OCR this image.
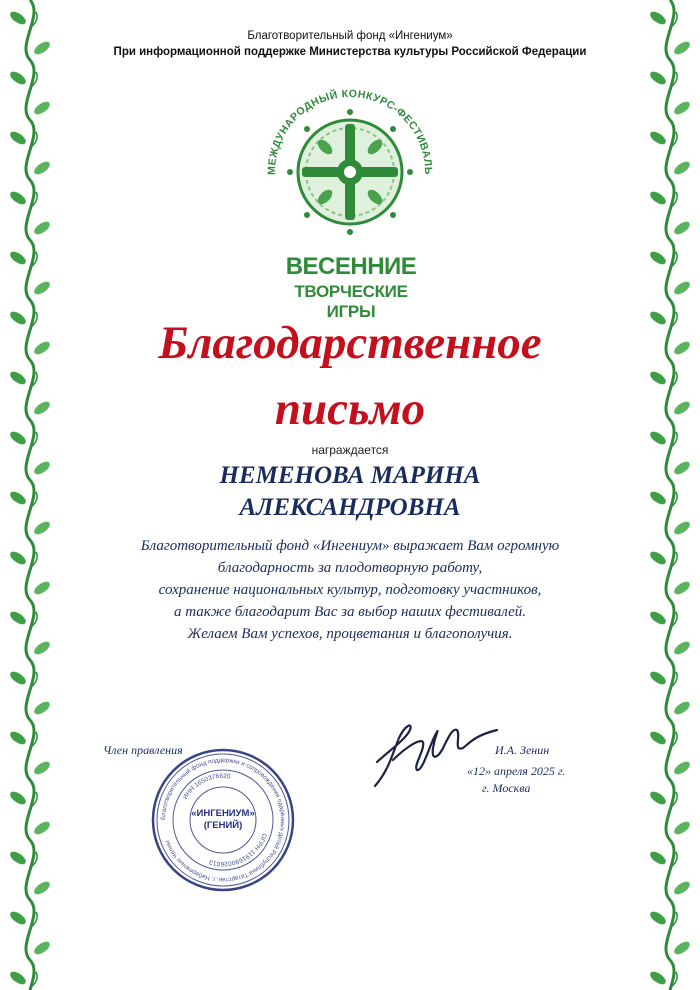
Благотворительный фонд «Ингениум»
При информационной поддержке Министерства культуры Российской Федерации
МЕЖДУНАРОДНЫЙ КОНКУРС-ФЕСТИВАЛЬ
ВЕСЕННИЕ
ТВОРЧЕСКИЕ ИГРЫ
Благодарственное
письмо
награждается
НЕМЕНОВА МАРИНА
АЛЕКСАНДРОВНА
Благотворительный фонд «Ингениум» выражает Вам огромную
благодарность за плодотворную работу,
сохранение национальных культур, подготовку участников,
а также благодарит Вас за выбор наших фестивалей.
Желаем Вам успехов, процветания и благополучия.
Член правления
Благотворительный фонд поддержки и сопровождения одарённых детей Республика Татарстан, г. Набережные Челны
ИНН 1650376620
ОГРН 1191690026013
«ИНГЕНИУМ»
(ГЕНИЙ)
И.А. Зенин
«12» апреля 2025 г.
г. Москва
